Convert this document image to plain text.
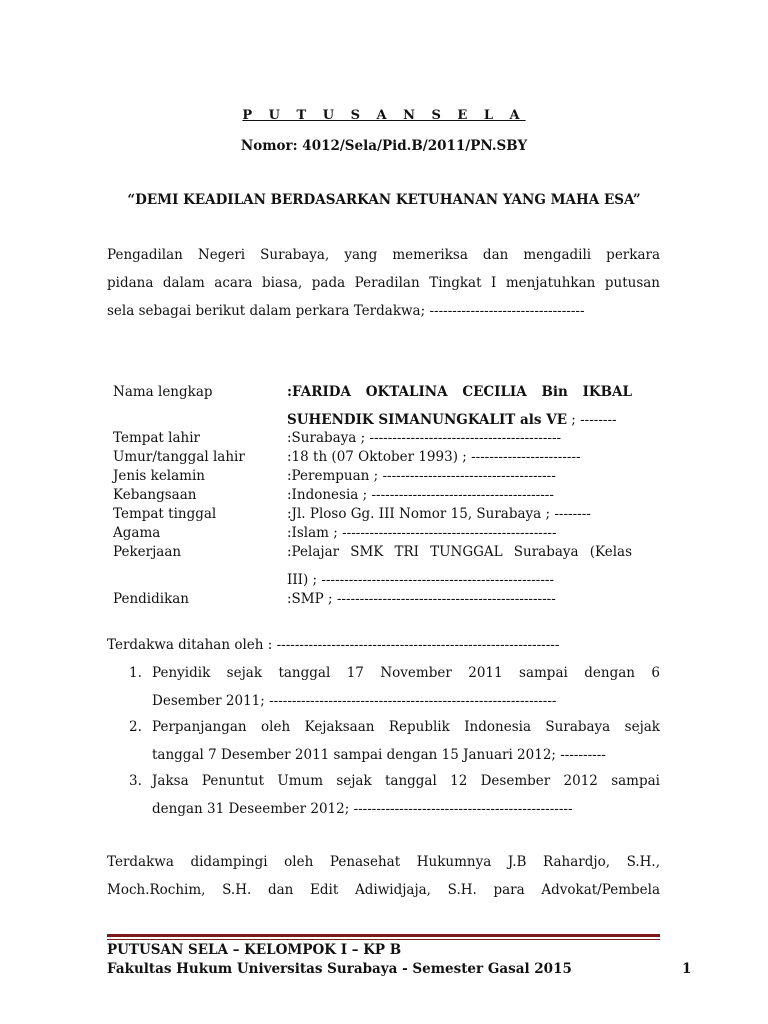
P U T U S A N S E L A
Nomor: 4012/Sela/Pid.B/2011/PN.SBY
“DEMI KEADILAN BERDASARKAN KETUHANAN YANG MAHA ESA”
Pengadilan Negeri Surabaya, yang memeriksa dan mengadili perkara
pidana dalam acara biasa, pada Peradilan Tingkat I menjatuhkan putusan
sela sebagai berikut dalam perkara Terdakwa; ----------------------------------
Nama lengkap	:FARIDA OKTALINA CECILIA Bin IKBAL
SUHENDIK SIMANUNGKALIT als VE ; --------
Tempat lahir	:Surabaya ; ------------------------------------------
Umur/tanggal lahir	:18 th (07 Oktober 1993) ; ------------------------
Jenis kelamin	:Perempuan ; --------------------------------------
Kebangsaan	:Indonesia ; ----------------------------------------
Tempat tinggal	:Jl. Ploso Gg. III Nomor 15, Surabaya ; --------
Agama	:Islam ; -----------------------------------------------
Pekerjaan	:Pelajar SMK TRI TUNGGAL Surabaya (Kelas
III) ; ---------------------------------------------------
Pendidikan	:SMP ; ------------------------------------------------
Terdakwa ditahan oleh : --------------------------------------------------------------
1. Penyidik sejak tanggal 17 November 2011 sampai dengan 6
Desember 2011; ---------------------------------------------------------------
2. Perpanjangan oleh Kejaksaan Republik Indonesia Surabaya sejak
tanggal 7 Desember 2011 sampai dengan 15 Januari 2012; ----------
3. Jaksa Penuntut Umum sejak tanggal 12 Desember 2012 sampai
dengan 31 Deseember 2012; ------------------------------------------------
Terdakwa didampingi oleh Penasehat Hukumnya J.B Rahardjo, S.H.,
Moch.Rochim, S.H. dan Edit Adiwidjaja, S.H. para Advokat/Pembela
PUTUSAN SELA – KELOMPOK I – KP B
Fakultas Hukum Universitas Surabaya - Semester Gasal 2015	1
